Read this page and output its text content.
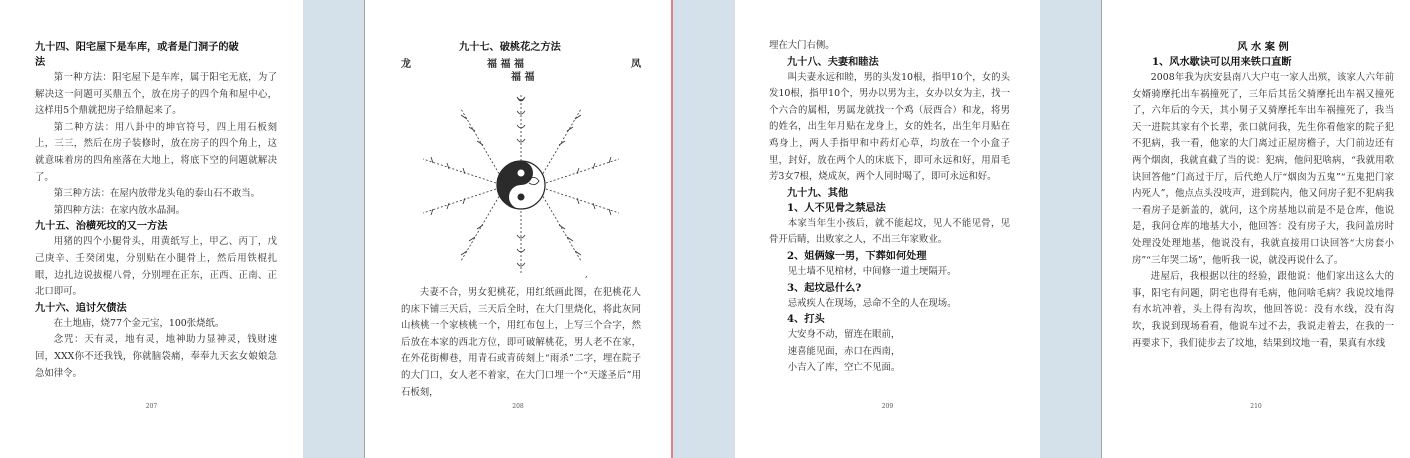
九十四、阳宅屋下是车库，或者是门洞子的破

法

第一种方法：阳宅屋下是车库，属于阳宅无底，为了解决这一问题可买鼎五个，放在房子的四个角和屋中心，这样用5个鼎就把房子给鼎起来了。

第二种方法：用八卦中的坤官符号，四上用石板刻上，三三，然后在房子装修时，放在房子的四个角上，这就意味着房的四角座落在大地上，将底下空的问题就解决了。

第三种方法：在屋内放带龙头龟的泰山石不敢当。

第四种方法：在家内放水晶洞。

九十五、治横死坟的又一方法

用猪的四个小腿骨头，用黄纸写上，甲乙、丙丁，戊己庚辛、壬癸闭鬼，分别贴在小腿骨上，然后用铁棍扎眼，边扎边说拔棍八骨，分别埋在正东，正西、正南、正北口即可。

九十六、追讨欠债法

在土地庙，烧77个金元宝，100张烧纸。

念咒：天有灵，地有灵，地神助力显神灵，钱财速回，XXX你不还我钱，你就脑袋痛，奉奉九天玄女娘娘急急如律令。

207

九十七、破桃花之方法

龙	福 福 福	凤
福 福
,

夫妻不合，男女犯桃花，用红纸画此图，在犯桃花人的床下铺三天后，三天后全时，在大门里烧化，将此灰同山核桃一个家核桃一个，用红布包上，上写三个合字，然后放在本家的西北方位，即可破解桃花，男人老不在家，在外花街柳巷，用青石或青砖刻上“雨杀”二字，埋在院子的大门口，女人老不着家，在大门口埋一个“天遂圣后”用石板刻，

208

埋在大门右侧。

九十八、夫妻和睦法

叫夫妻永远和睦，男的头发10根，指甲10个，女的头发10根，指甲10个，男办以男为主，女办以女为主，找一个六合的属相，男属龙就找一个鸡（辰酉合）和龙，将男的姓名，出生年月贴在龙身上，女的姓名，出生年月贴在鸡身上，两人手指甲和中药灯心草，均放在一个小盒子里，封好，放在两个人的床底下，即可永远和好，用眉毛芳3女7根，烧成灰，两个人同时喝了，即可永远和好。

九十九、其他

1、人不见骨之禁忌法

本家当年生小孩后，就不能起坟，见人不能见骨，见骨开后睛，出败家之人，不出三年家败业。

2、姐俩嫁一男，下葬如何处理

见土墙不见棺材，中间修一道土埂隔开。

3、起坟忌什么?

忌戒疾人在现场，忌命不全的人在现场。

4、打头

大安身不动，留连在眼前，

速喜能见面，赤口在西南，

小吉入了库，空亡不见面。

209

风 水 案 例

1、风水歇诀可以用来铁口直断

2008年我为庆安县南八大户屯一家人出殡，该家人六年前女婿骑摩托出车祸撞死了，三年后其岳父骑摩托出车祸又撞死了，六年后的今天，其小舅子又骑摩托车出车祸撞死了，我当天一进院其家有个长辈，张口就问我，先生你看他家的院子犯不犯病，我一看，他家的大门离过正屋房檐子，大门前边还有两个烟囱，我就直截了当的说：犯病，他问犯啥病，“我就用歌诀回答他”门高过于厅，后代绝人厅“烟囱为五鬼”“五鬼把门家内死人”，他点点头没吱声，进到院内，他又问房子犯不犯病我一看房子是新盖的，就问，这个房基地以前是不是仓库，他说是，我问仓库的地基大小，他回答：没有房子大，我问盖房时处理没处理地基，他说没有，我就直接用口诀回答“大房套小房”“三年哭二场”，他听我一说，就没再说什么了。

进屋后，我根据以往的经验，跟他说：他们家出这么大的事，阳宅有问题，阴宅也得有毛病，他问啥毛病？我说坟地得有水坑冲着，头上得有沟坎，他回答说：没有水线，没有沟坎，我说到现场看看，他说车过不去，我说走着去，在我的一再要求下，我们徒步去了坟地，结果到坟地一看，果真有水线

210
